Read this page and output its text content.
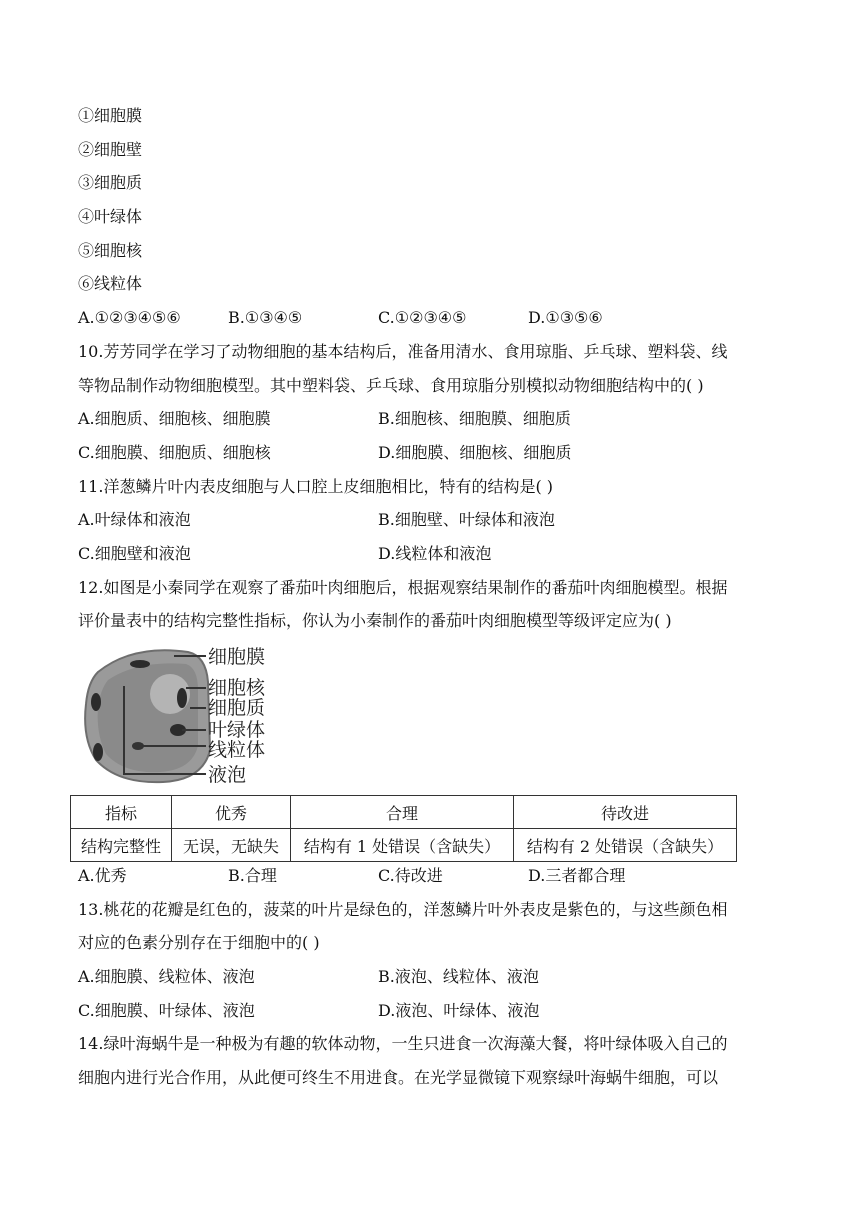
①细胞膜
②细胞壁
③细胞质
④叶绿体
⑤细胞核
⑥线粒体
A.①②③④⑤⑥	B.①③④⑤	C.①②③④⑤	D.①③⑤⑥
10.芳芳同学在学习了动物细胞的基本结构后，准备用清水、食用琼脂、乒乓球、塑料袋、线
等物品制作动物细胞模型。其中塑料袋、乒乓球、食用琼脂分别模拟动物细胞结构中的( )
A.细胞质、细胞核、细胞膜	B.细胞核、细胞膜、细胞质
C.细胞膜、细胞质、细胞核	D.细胞膜、细胞核、细胞质
11.洋葱鳞片叶内表皮细胞与人口腔上皮细胞相比，特有的结构是( )
A.叶绿体和液泡	B.细胞壁、叶绿体和液泡
C.细胞壁和液泡	D.线粒体和液泡
12.如图是小秦同学在观察了番茄叶肉细胞后，根据观察结果制作的番茄叶肉细胞模型。根据
评价量表中的结构完整性指标，你认为小秦制作的番茄叶肉细胞模型等级评定应为( )
细胞膜
细胞核
细胞质
叶绿体
线粒体
液泡
指标	优秀	合理	待改进
结构完整性	无误，无缺失	结构有 1 处错误（含缺失）	结构有 2 处错误（含缺失）
A.优秀	B.合理	C.待改进	D.三者都合理
13.桃花的花瓣是红色的，菠菜的叶片是绿色的，洋葱鳞片叶外表皮是紫色的，与这些颜色相
对应的色素分别存在于细胞中的( )
A.细胞膜、线粒体、液泡	B.液泡、线粒体、液泡
C.细胞膜、叶绿体、液泡	D.液泡、叶绿体、液泡
14.绿叶海蜗牛是一种极为有趣的软体动物，一生只进食一次海藻大餐，将叶绿体吸入自己的
细胞内进行光合作用，从此便可终生不用进食。在光学显微镜下观察绿叶海蜗牛细胞，可以
